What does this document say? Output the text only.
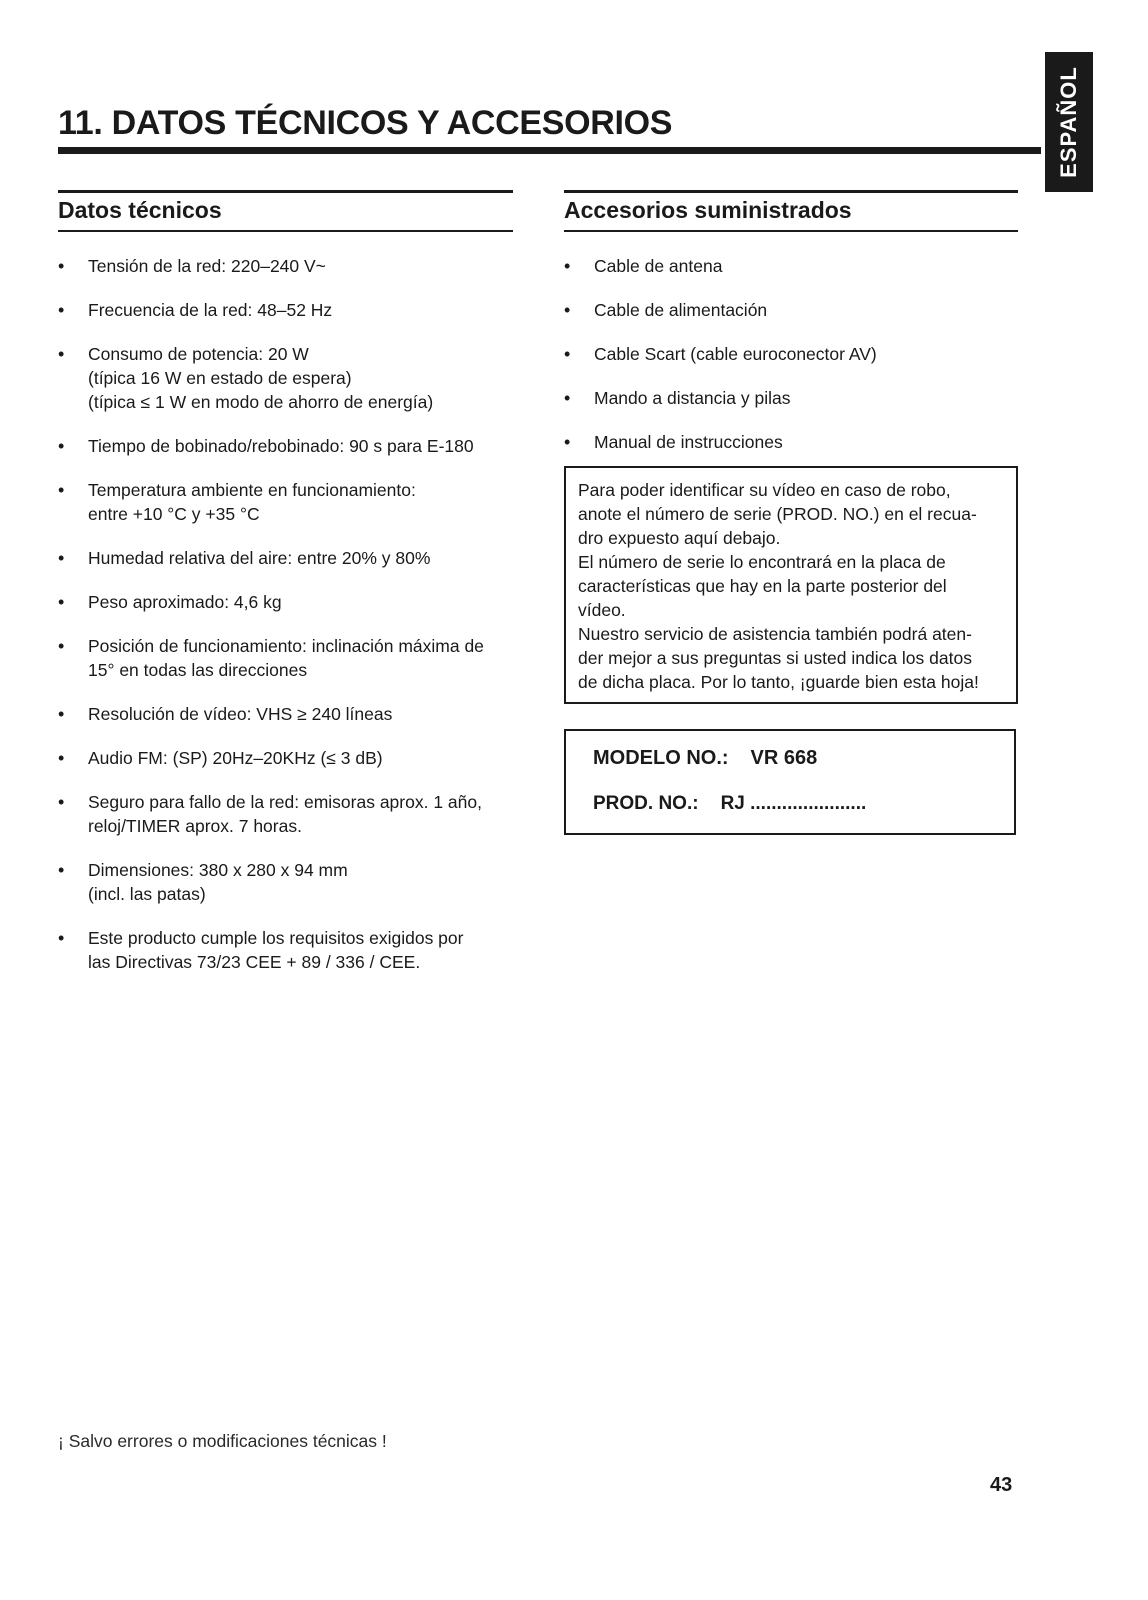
ESPAÑOL
11. DATOS TÉCNICOS Y ACCESORIOS
Datos técnicos	Accesorios suministrados
• Tensión de la red: 220–240 V~
• Frecuencia de la red: 48–52 Hz
• Consumo de potencia: 20 W
(típica 16 W en estado de espera)
(típica ≤ 1 W en modo de ahorro de energía)
• Tiempo de bobinado/rebobinado: 90 s para E-180
• Temperatura ambiente en funcionamiento:
entre +10 °C y +35 °C
• Humedad relativa del aire: entre 20% y 80%
• Peso aproximado: 4,6 kg
• Posición de funcionamiento: inclinación máxima de
15° en todas las direcciones
• Resolución de vídeo: VHS ≥ 240 líneas
• Audio FM: (SP) 20Hz–20KHz (≤ 3 dB)
• Seguro para fallo de la red: emisoras aprox. 1 año,
reloj/TIMER aprox. 7 horas.
• Dimensiones: 380 x 280 x 94 mm
(incl. las patas)
• Este producto cumple los requisitos exigidos por
las Directivas 73/23 CEE + 89 / 336 / CEE.
• Cable de antena
• Cable de alimentación
• Cable Scart (cable euroconector AV)
• Mando a distancia y pilas
• Manual de instrucciones
Para poder identificar su vídeo en caso de robo,
anote el número de serie (PROD. NO.) en el recua-
dro expuesto aquí debajo.
El número de serie lo encontrará en la placa de
características que hay en la parte posterior del
vídeo.
Nuestro servicio de asistencia también podrá aten-
der mejor a sus preguntas si usted indica los datos
de dicha placa. Por lo tanto, ¡guarde bien esta hoja!
MODELO NO.: VR 668
PROD. NO.: RJ ......................
¡ Salvo errores o modificaciones técnicas !
43
